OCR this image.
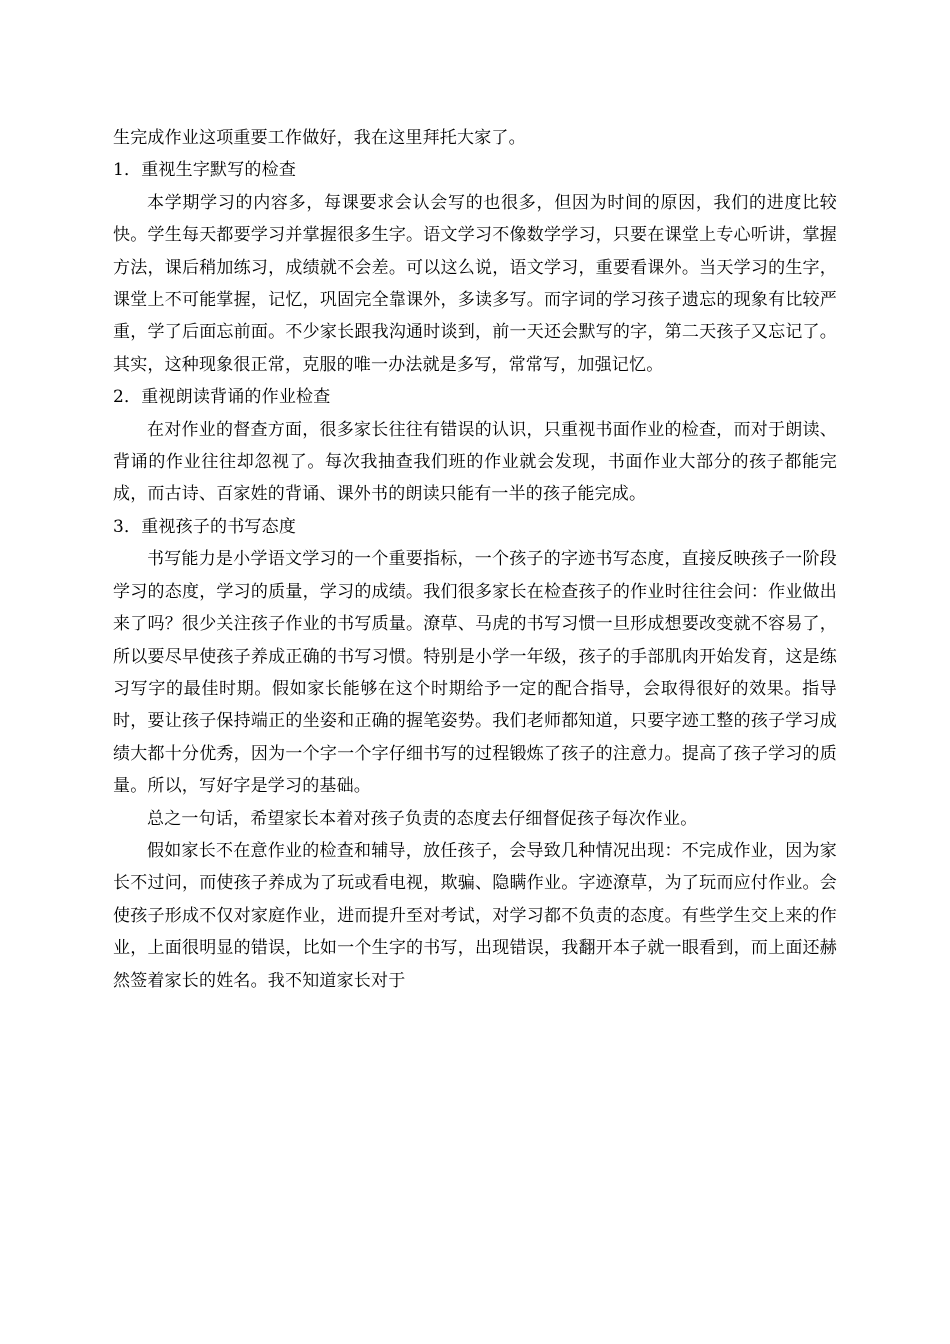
生完成作业这项重要工作做好，我在这里拜托大家了。

1．重视生字默写的检查

本学期学习的内容多，每课要求会认会写的也很多，但因为时间的原因，我们的进度比较快。学生每天都要学习并掌握很多生字。语文学习不像数学学习，只要在课堂上专心听讲，掌握方法，课后稍加练习，成绩就不会差。可以这么说，语文学习，重要看课外。当天学习的生字，课堂上不可能掌握，记忆，巩固完全靠课外，多读多写。而字词的学习孩子遗忘的现象有比较严重，学了后面忘前面。不少家长跟我沟通时谈到，前一天还会默写的字，第二天孩子又忘记了。其实，这种现象很正常，克服的唯一办法就是多写，常常写，加强记忆。

2．重视朗读背诵的作业检查

在对作业的督查方面，很多家长往往有错误的认识，只重视书面作业的检查，而对于朗读、背诵的作业往往却忽视了。每次我抽查我们班的作业就会发现，书面作业大部分的孩子都能完成，而古诗、百家姓的背诵、课外书的朗读只能有一半的孩子能完成。

3．重视孩子的书写态度

书写能力是小学语文学习的一个重要指标，一个孩子的字迹书写态度，直接反映孩子一阶段学习的态度，学习的质量，学习的成绩。我们很多家长在检查孩子的作业时往往会问：作业做出来了吗？很少关注孩子作业的书写质量。潦草、马虎的书写习惯一旦形成想要改变就不容易了，所以要尽早使孩子养成正确的书写习惯。特别是小学一年级，孩子的手部肌肉开始发育，这是练习写字的最佳时期。假如家长能够在这个时期给予一定的配合指导，会取得很好的效果。指导时，要让孩子保持端正的坐姿和正确的握笔姿势。我们老师都知道，只要字迹工整的孩子学习成绩大都十分优秀，因为一个字一个字仔细书写的过程锻炼了孩子的注意力。提高了孩子学习的质量。所以，写好字是学习的基础。

总之一句话，希望家长本着对孩子负责的态度去仔细督促孩子每次作业。

假如家长不在意作业的检查和辅导，放任孩子，会导致几种情况出现：不完成作业，因为家长不过问，而使孩子养成为了玩或看电视，欺骗、隐瞒作业。字迹潦草，为了玩而应付作业。会使孩子形成不仅对家庭作业，进而提升至对考试，对学习都不负责的态度。有些学生交上来的作业，上面很明显的错误，比如一个生字的书写，出现错误，我翻开本子就一眼看到，而上面还赫然签着家长的姓名。我不知道家长对于
